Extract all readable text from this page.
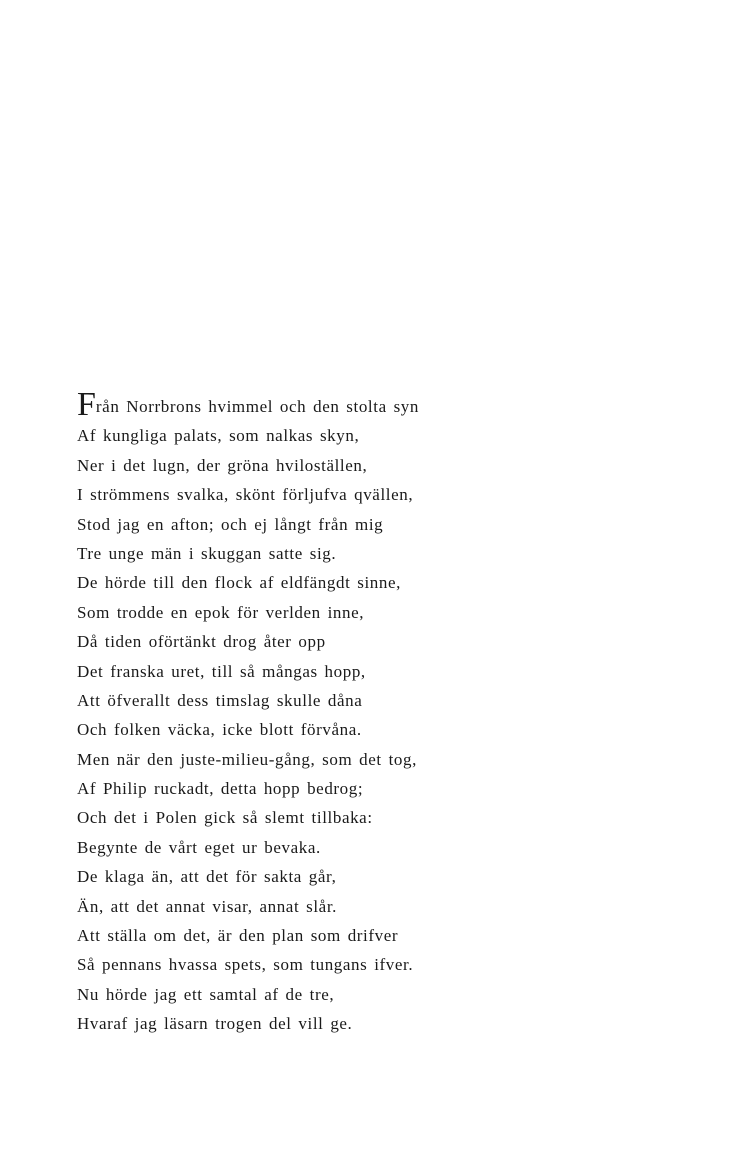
Från Norrbrons hvimmel och den stolta syn
Af kungliga palats, som nalkas skyn,
Ner i det lugn, der gröna hviloställen,
I strömmens svalka, skönt förljufva qvällen,
Stod jag en afton; och ej långt från mig
Tre unge män i skuggan satte sig.
De hörde till den flock af eldfängdt sinne,
Som trodde en epok för verlden inne,
Då tiden oförtänkt drog åter opp
Det franska uret, till så mångas hopp,
Att öfverallt dess timslag skulle dåna
Och folken väcka, icke blott förvåna.
Men när den juste-milieu-gång, som det tog,
Af Philip ruckadt, detta hopp bedrog;
Och det i Polen gick så slemt tillbaka:
Begynte de vårt eget ur bevaka.
De klaga än, att det för sakta går,
Än, att det annat visar, annat slår.
Att ställa om det, är den plan som drifver
Så pennans hvassa spets, som tungans ifver.
Nu hörde jag ett samtal af de tre,
Hvaraf jag läsarn trogen del vill ge.
